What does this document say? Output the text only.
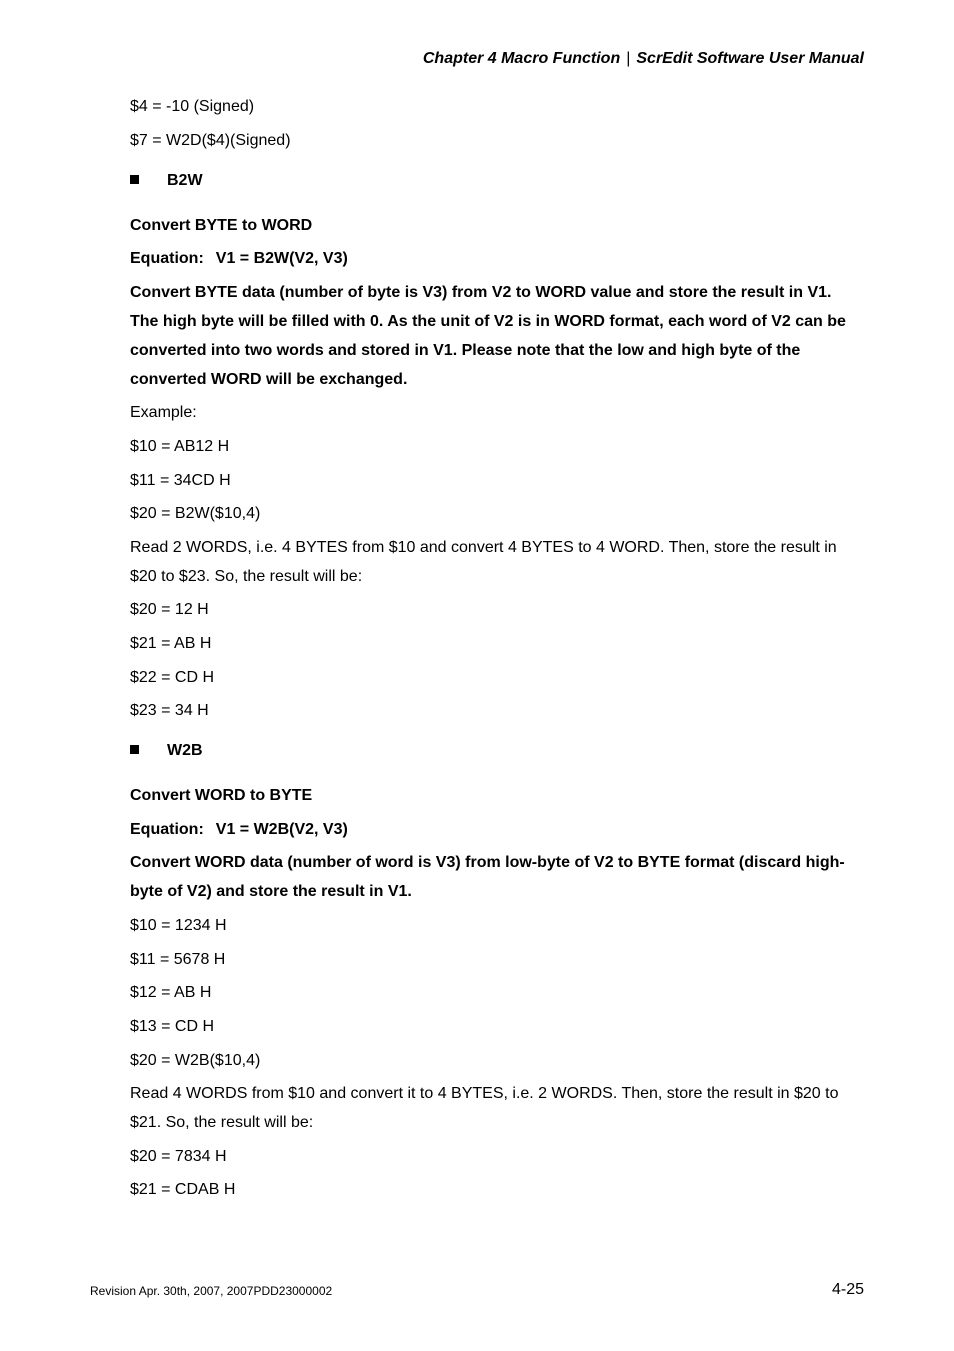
Chapter 4 Macro Function | ScrEdit Software User Manual
$4 = -10 (Signed)
$7 = W2D($4)(Signed)
B2W
Convert BYTE to WORD
Equation: V1 = B2W(V2, V3)
Convert BYTE data (number of byte is V3) from V2 to WORD value and store the result in V1.
The high byte will be filled with 0. As the unit of V2 is in WORD format, each word of V2 can be
converted into two words and stored in V1. Please note that the low and high byte of the
converted WORD will be exchanged.
Example:
$10 = AB12 H
$11 = 34CD H
$20 = B2W($10,4)
Read 2 WORDS, i.e. 4 BYTES from $10 and convert 4 BYTES to 4 WORD. Then, store the result in
$20 to $23. So, the result will be:
$20 = 12 H
$21 = AB H
$22 = CD H
$23 = 34 H
W2B
Convert WORD to BYTE
Equation: V1 = W2B(V2, V3)
Convert WORD data (number of word is V3) from low-byte of V2 to BYTE format (discard high-
byte of V2) and store the result in V1.
$10 = 1234 H
$11 = 5678 H
$12 = AB H
$13 = CD H
$20 = W2B($10,4)
Read 4 WORDS from $10 and convert it to 4 BYTES, i.e. 2 WORDS. Then, store the result in $20 to
$21. So, the result will be:
$20 = 7834 H
$21 = CDAB H
Revision Apr. 30th, 2007, 2007PDD23000002	4-25
